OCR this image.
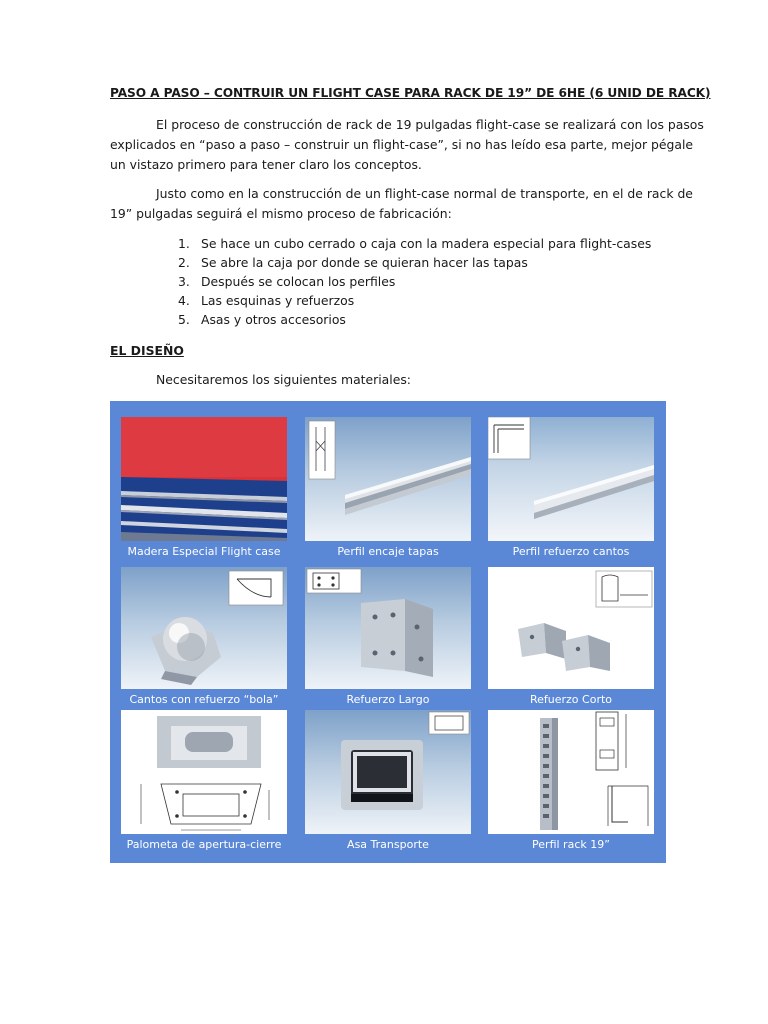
PASO A PASO – CONTRUIR UN FLIGHT CASE PARA RACK DE 19” DE 6HE (6 UNID DE RACK)

El proceso de construcción de rack de 19 pulgadas flight-case se realizará con los pasos
explicados en “paso a paso – construir un flight-case”, si no has leído esa parte, mejor pégale
un vistazo primero para tener claro los conceptos.

Justo como en la construcción de un flight-case normal de transporte, en el de rack de
19” pulgadas seguirá el mismo proceso de fabricación:

1. Se hace un cubo cerrado o caja con la madera especial para flight-cases
2. Se abre la caja por donde se quieran hacer las tapas
3. Después se colocan los perfiles
4. Las esquinas y refuerzos
5. Asas y otros accesorios
EL DISEÑO
Necesitaremos los siguientes materiales:
Madera Especial Flight case	Perfil encaje tapas	Perfil refuerzo cantos
Cantos con refuerzo “bola”	Refuerzo Largo	Refuerzo Corto
Palometa de apertura-cierre	Asa Transporte	Perfil rack 19”
